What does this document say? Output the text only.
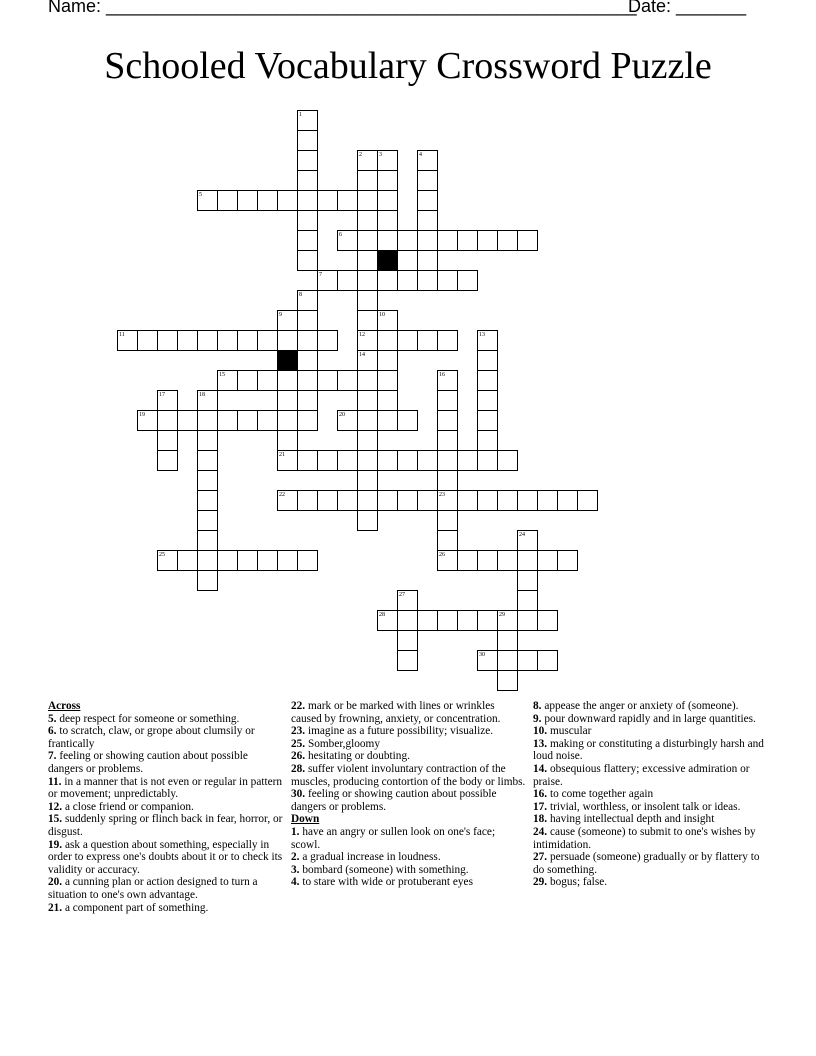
Name: _____________________________________________________
Date: _______
Schooled Vocabulary Crossword Puzzle
1
2	3	4
5
6
7
8
9	10
11	12	13
14
15	16
17	18
19	20
21
22	23
24
25	26
27
28	29
30
Across

5. deep respect for someone or something.

6. to scratch, claw, or grope about clumsily or frantically

7. feeling or showing caution about possible dangers or problems.

11. in a manner that is not even or regular in pattern or movement; unpredictably.

12. a close friend or companion.

15. suddenly spring or flinch back in fear, horror, or disgust.

19. ask a question about something, especially in order to express one's doubts about it or to check its validity or accuracy.

20. a cunning plan or action designed to turn a situation to one's own advantage.

21. a component part of something.

22. mark or be marked with lines or wrinkles caused by frowning, anxiety, or concentration.

23. imagine as a future possibility; visualize.

25. Somber,gloomy

26. hesitating or doubting.

28. suffer violent involuntary contraction of the muscles, producing contortion of the body or limbs.

30. feeling or showing caution about possible dangers or problems.

Down

1. have an angry or sullen look on one's face; scowl.

2. a gradual increase in loudness.

3. bombard (someone) with something.

4. to stare with wide or protuberant eyes

8. appease the anger or anxiety of (someone).

9. pour downward rapidly and in large quantities.

10. muscular

13. making or constituting a disturbingly harsh and loud noise.

14. obsequious flattery; excessive admiration or praise.

16. to come together again

17. trivial, worthless, or insolent talk or ideas.

18. having intellectual depth and insight

24. cause (someone) to submit to one's wishes by intimidation.

27. persuade (someone) gradually or by flattery to do something.

29. bogus; false.
